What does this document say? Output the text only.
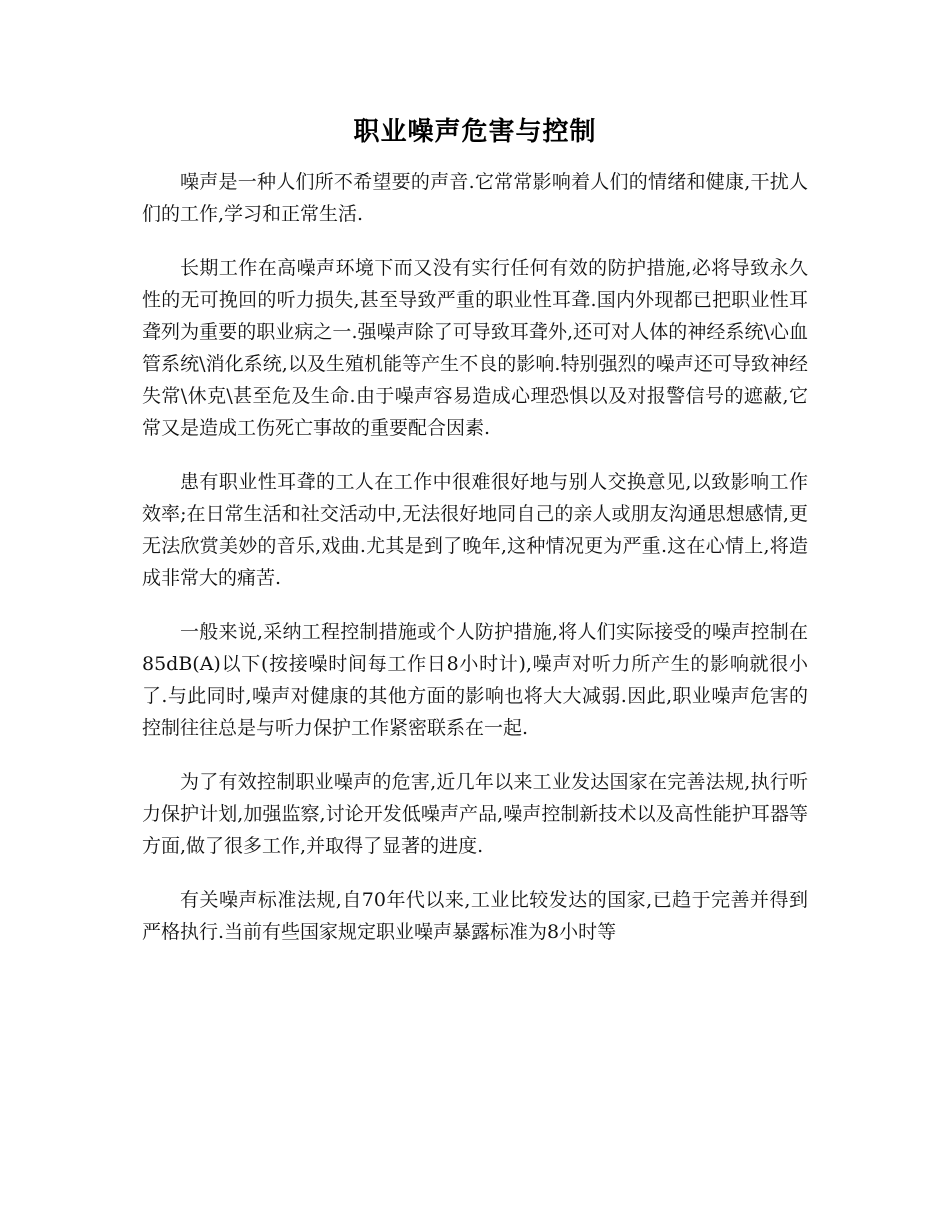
职业噪声危害与控制

噪声是一种人们所不希望要的声音.它常常影响着人们的情绪和健康,干扰人们的工作,学习和正常生活.

长期工作在高噪声环境下而又没有实行任何有效的防护措施,必将导致永久性的无可挽回的听力损失,甚至导致严重的职业性耳聋.国内外现都已把职业性耳聋列为重要的职业病之一.强噪声除了可导致耳聋外,还可对人体的神经系统\心血管系统\消化系统,以及生殖机能等产生不良的影响.特别强烈的噪声还可导致神经失常\休克\甚至危及生命.由于噪声容易造成心理恐惧以及对报警信号的遮蔽,它常又是造成工伤死亡事故的重要配合因素.

患有职业性耳聋的工人在工作中很难很好地与别人交换意见,以致影响工作效率;在日常生活和社交活动中,无法很好地同自己的亲人或朋友沟通思想感情,更无法欣赏美妙的音乐,戏曲.尤其是到了晚年,这种情况更为严重.这在心情上,将造成非常大的痛苦.

一般来说,采纳工程控制措施或个人防护措施,将人们实际接受的噪声控制在85dB(A)以下(按接噪时间每工作日8小时计),噪声对听力所产生的影响就很小了.与此同时,噪声对健康的其他方面的影响也将大大减弱.因此,职业噪声危害的控制往往总是与听力保护工作紧密联系在一起.

为了有效控制职业噪声的危害,近几年以来工业发达国家在完善法规,执行听力保护计划,加强监察,讨论开发低噪声产品,噪声控制新技术以及高性能护耳器等方面,做了很多工作,并取得了显著的进度.

有关噪声标准法规,自70年代以来,工业比较发达的国家,已趋于完善并得到严格执行.当前有些国家规定职业噪声暴露标准为8小时等
